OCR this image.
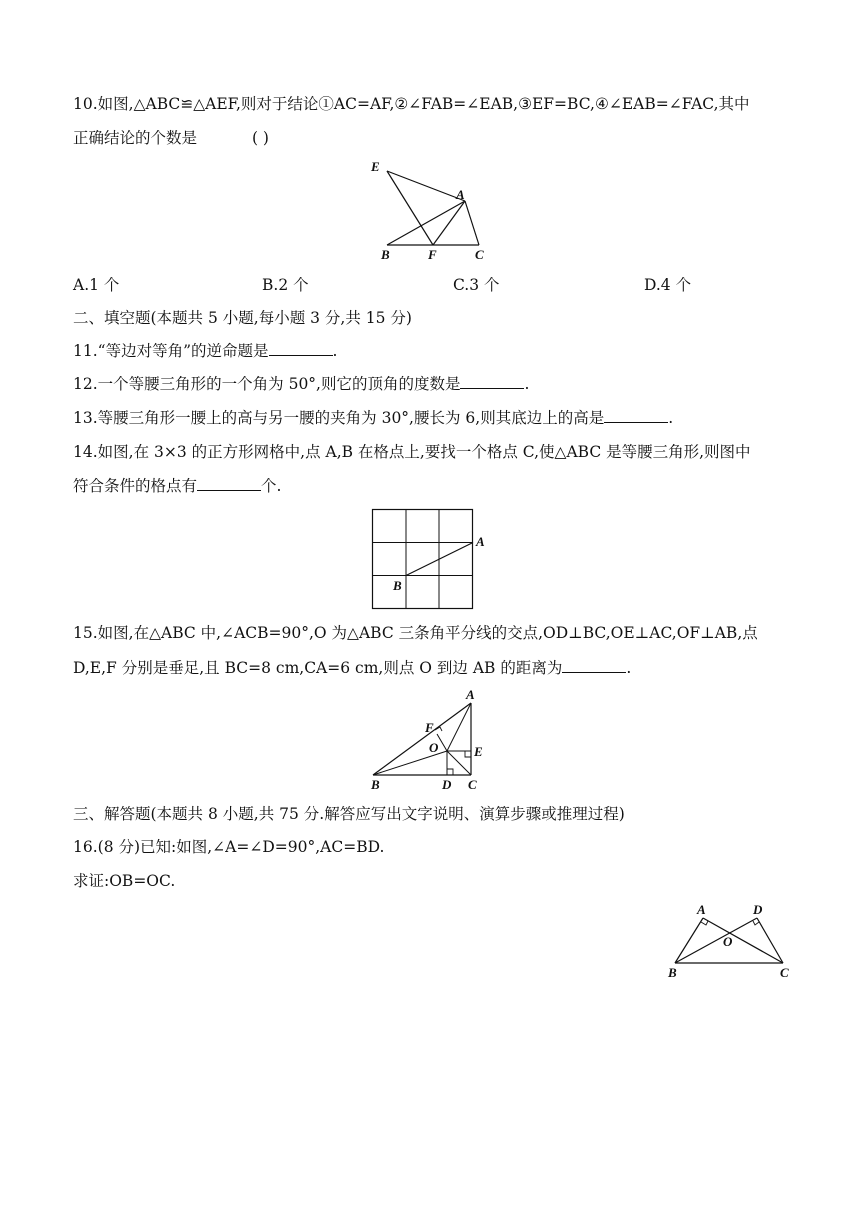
10.如图,△ABC≌△AEF,则对于结论①AC=AF,②∠FAB=∠EAB,③EF=BC,④∠EAB=∠FAC,其中
正确结论的个数是	( )
E
A
B	F	C
A.1 个	B.2 个	C.3 个	D.4 个
二、填空题(本题共 5 小题,每小题 3 分,共 15 分)
11.“等边对等角”的逆命题是	.
12.一个等腰三角形的一个角为 50°,则它的顶角的度数是	.
13.等腰三角形一腰上的高与另一腰的夹角为 30°,腰长为 6,则其底边上的高是	.
14.如图,在 3×3 的正方形网格中,点 A,B 在格点上,要找一个格点 C,使△ABC 是等腰三角形,则图中
符合条件的格点有	个.
A
B
15.如图,在△ABC 中,∠ACB=90°,O 为△ABC 三条角平分线的交点,OD⊥BC,OE⊥AC,OF⊥AB,点
D,E,F 分别是垂足,且 BC=8 cm,CA=6 cm,则点 O 到边 AB 的距离为	.
A
F
O	E
B	D C
三、解答题(本题共 8 小题,共 75 分.解答应写出文字说明、演算步骤或推理过程)
16.(8 分)已知:如图,∠A=∠D=90°,AC=BD.
求证:OB=OC.
A	D
O
B	C
